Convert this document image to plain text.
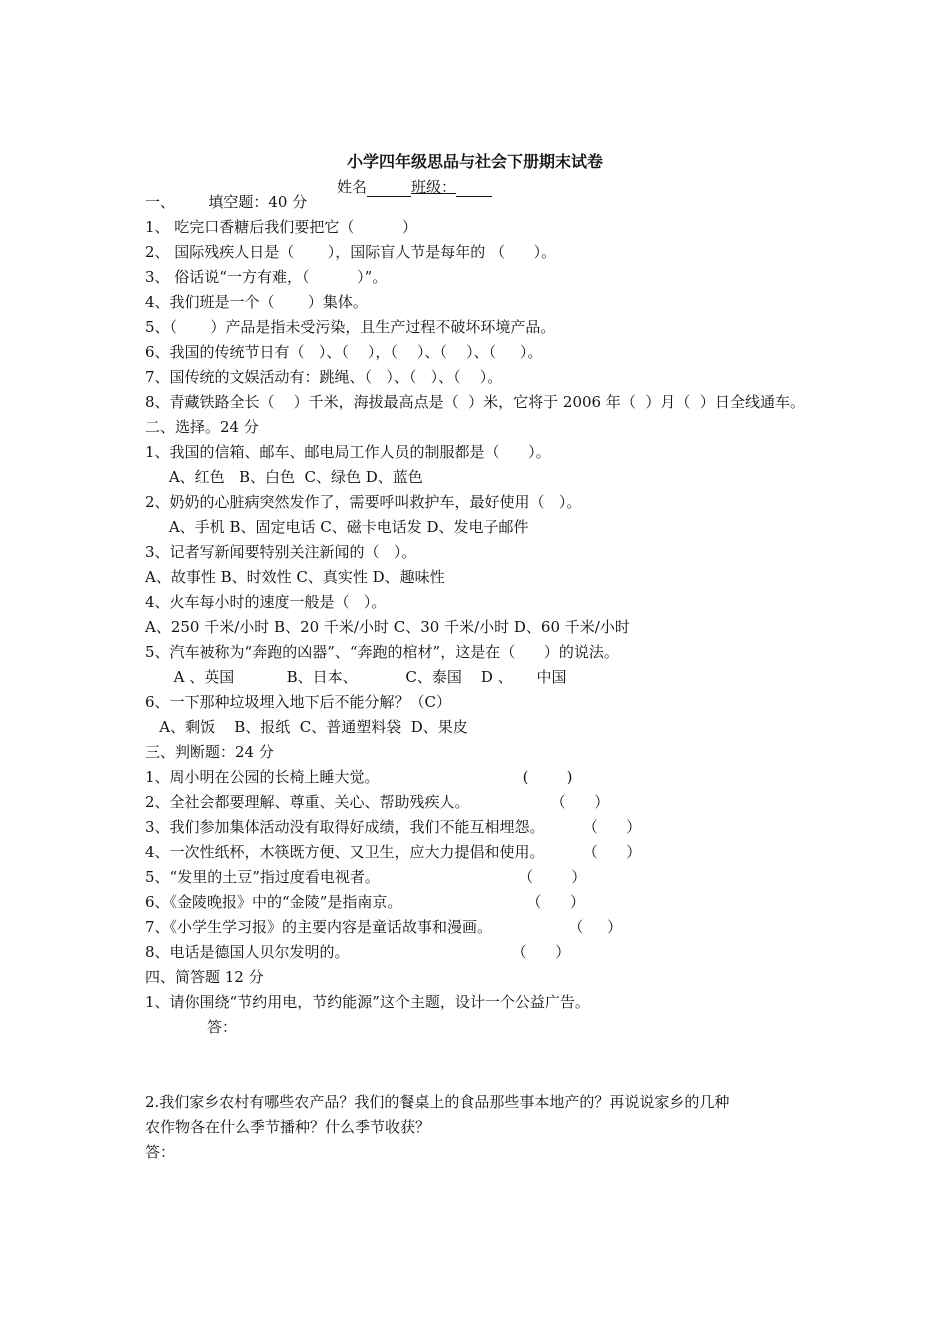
小学四年级思品与社会下册期末试卷
姓名	班级：
一、       填空题：40 分
1、 吃完口香糖后我们要把它（          ）
2、 国际残疾人日是（       ），国际盲人节是每年的 （      ）。
3、 俗话说“一方有难，（          ）”。
4、我们班是一个（       ）集体。
5、（       ）产品是指未受污染，且生产过程不破坏环境产品。
6、我国的传统节日有（   ）、（    ），（    ）、（    ）、（     ）。
7、国传统的文娱活动有：跳绳、（   ）、（   ）、（    ）。
8、青藏铁路全长（    ）千米，海拔最高点是（  ）米，它将于 2006 年（  ）月（  ）日全线通车。
二、选择。24 分
1、我国的信箱、邮车、邮电局工作人员的制服都是（      ）。
A、红色   B、白色  C、绿色 D、蓝色
2、奶奶的心脏病突然发作了，需要呼叫救护车，最好使用（   ）。
A、手机 B、固定电话 C、磁卡电话发 D、发电子邮件
3、记者写新闻要特别关注新闻的（   ）。
A、故事性 B、时效性 C、真实性 D、趣味性
4、火车每小时的速度一般是（   ）。
A、250 千米/小时 B、20 千米/小时 C、30 千米/小时 D、60 千米/小时
5、汽车被称为“奔跑的凶器”、“奔跑的棺材”，这是在（      ）的说法。
A 、英国           B、日本、          C、泰国    D 、     中国
6、一下那种垃圾埋入地下后不能分解？（C）
A、剩饭    B、报纸  C、普通塑料袋  D、果皮
三、判断题：24 分
1、周小明在公园的长椅上睡大觉。                              (        )
2、全社会都要理解、尊重、关心、帮助残疾人。                 （      ）
3、我们参加集体活动没有取得好成绩，我们不能互相埋怨。        （      ）
4、一次性纸杯，木筷既方便、又卫生，应大力提倡和使用。        （      ）
5、“发里的土豆”指过度看电视者。                             （        ）
6、《金陵晚报》中的“金陵”是指南京。                          （      ）
7、《小学生学习报》的主要内容是童话故事和漫画。                （     ）
8、电话是德国人贝尔发明的。                                  （      ）
四、简答题 12 分
1、请你围绕“节约用电，节约能源”这个主题，设计一个公益广告。
答：
2.我们家乡农村有哪些农产品？我们的餐桌上的食品那些事本地产的？再说说家乡的几种
农作物各在什么季节播种？什么季节收获？
答：
